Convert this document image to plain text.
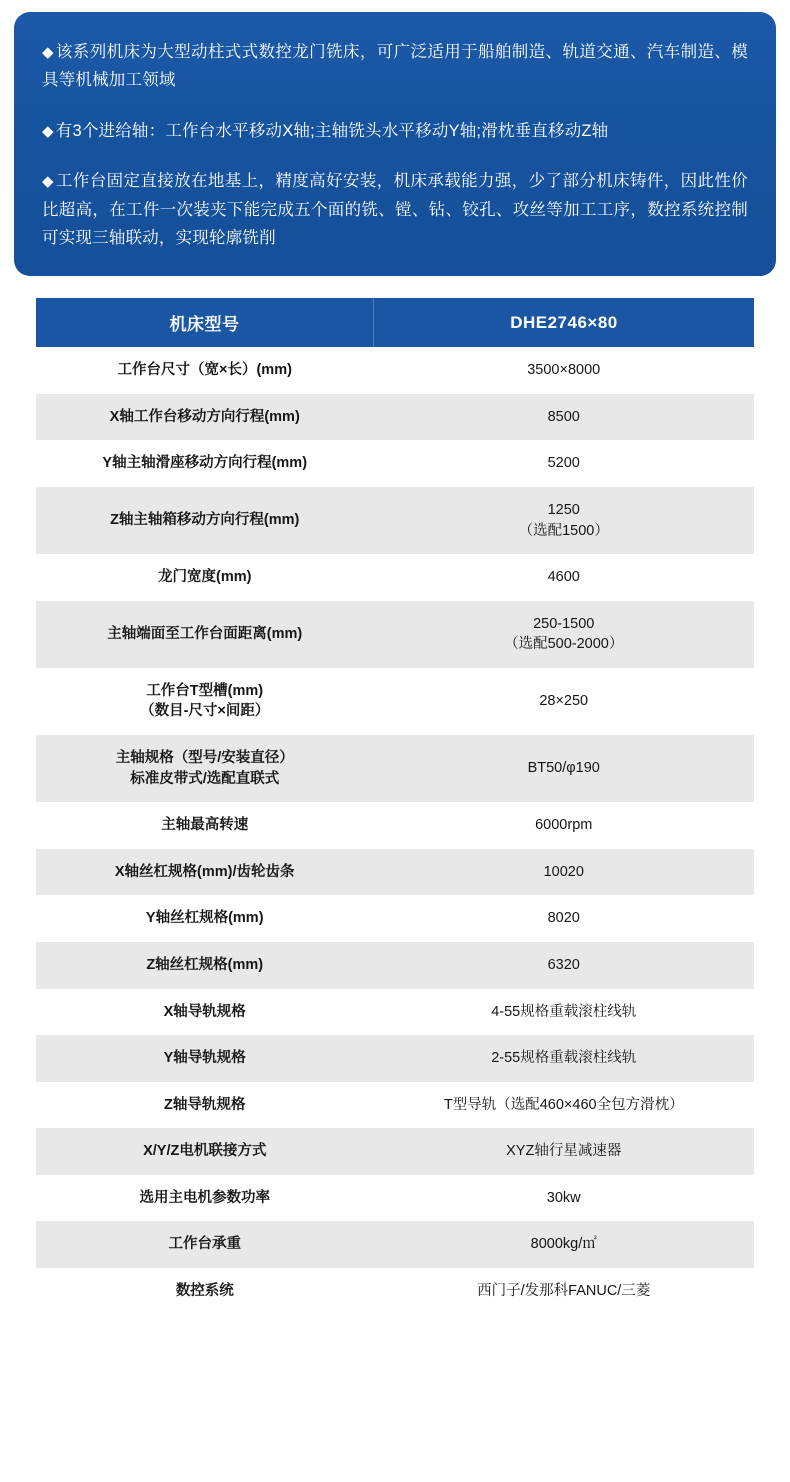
◆ 该系列机床为大型动柱式式数控龙门铣床，可广泛适用于船舶制造、轨道交通、汽车制造、模具等机械加工领域

◆ 有3个进给轴：工作台水平移动X轴;主轴铣头水平移动Y轴;滑枕垂直移动Z轴

◆ 工作台固定直接放在地基上，精度高好安装，机床承载能力强，少了部分机床铸件，因此性价比超高，在工件一次装夹下能完成五个面的铣、镗、钻、铰孔、攻丝等加工工序，数控系统控制可实现三轴联动，实现轮廓铣削

机床型号	DHE2746×80

工作台尺寸（宽×长）(mm)	3500×8000

X轴工作台移动方向行程(mm)	8500

Y轴主轴滑座移动方向行程(mm)	5200

Z轴主轴箱移动方向行程(mm)	1250
（选配1500）

龙门宽度(mm)	4600

主轴端面至工作台面距离(mm)	250-1500
（选配500-2000）

工作台T型槽(mm)
（数目-尺寸×间距）	28×250

主轴规格（型号/安装直径）
标准皮带式/选配直联式	BT50/φ190

主轴最高转速	6000rpm

X轴丝杠规格(mm)/齿轮齿条	10020

Y轴丝杠规格(mm)	8020

Z轴丝杠规格(mm)	6320

X轴导轨规格	4-55规格重载滚柱线轨

Y轴导轨规格	2-55规格重载滚柱线轨

Z轴导轨规格	T型导轨（选配460×460全包方滑枕）

X/Y/Z电机联接方式	XYZ轴行星减速器

选用主电机参数功率	30kw

工作台承重	8000kg/㎡

数控系统	西门子/发那科FANUC/三菱
